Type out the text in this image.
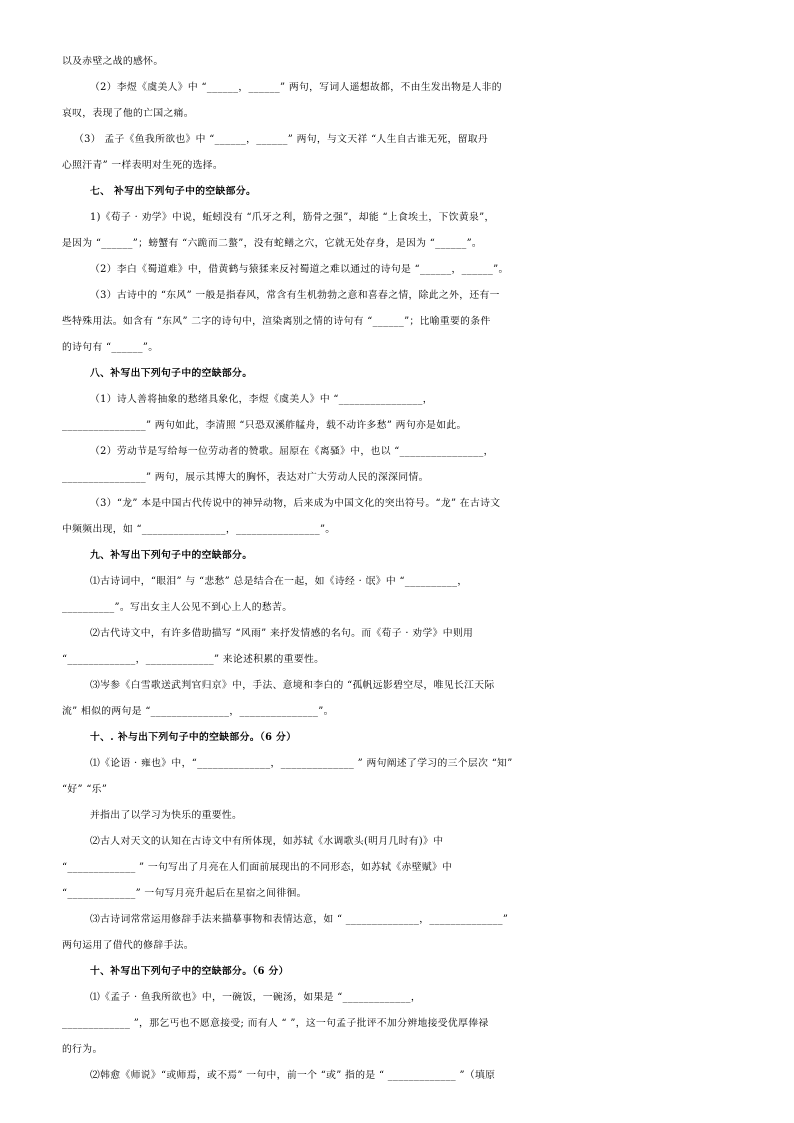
以及赤壁之战的感怀。
（2）李煜《虞美人》中 “______，______” 两句，写词人遥想故都，不由生发出物是人非的
哀叹，表现了他的亡国之痛。
（3） 孟子《鱼我所欲也》中 “______，______” 两句，与文天祥 “人生自古谁无死，留取丹
心照汗青” 一样表明对生死的选择。
七、 补写出下列句子中的空缺部分。
1)《荀子 · 劝学》中说，蚯蚓没有 “爪牙之利，筋骨之强”，却能 “上食埃土，下饮黄泉”，
是因为 “______”；螃蟹有 “六跪而二螯”，没有蛇鳝之穴，它就无处存身，是因为 “______”。
（2）李白《蜀道难》中，借黄鹤与猿猱来反衬蜀道之难以通过的诗句是 “______，______”。
（3）古诗中的 “东风” 一般是指春风，常含有生机勃勃之意和喜春之情，除此之外，还有一
些特殊用法。如含有 “东风” 二字的诗句中，渲染离别之情的诗句有 “______”；比喻重要的条件
的诗句有 “______”。
八、补写出下列句子中的空缺部分。
（1）诗人善将抽象的愁绪具象化，李煜《虞美人》中 “________________，
________________” 两句如此，李清照 “只恐双溪舴艋舟，载不动许多愁” 两句亦是如此。
（2）劳动节是写给每一位劳动者的赞歌。屈原在《离骚》中，也以 “________________，
________________” 两句，展示其博大的胸怀，表达对广大劳动人民的深深同情。
（3）“龙” 本是中国古代传说中的神异动物，后来成为中国文化的突出符号。“龙” 在古诗文
中频频出现，如 “________________，________________”。
九、补写出下列句子中的空缺部分。
⑴古诗词中，“眼泪” 与 “悲愁” 总是结合在一起，如《诗经 · 氓》中 “__________，
__________”。写出女主人公见不到心上人的愁苦。
⑵古代诗文中，有许多借助描写 “风雨” 来抒发情感的名句。而《荀子 · 劝学》中则用
“_____________，_____________” 来论述积累的重要性。
⑶岑参《白雪歌送武判官归京》中，手法、意境和李白的 “孤帆远影碧空尽，唯见长江天际
流” 相似的两句是 “_______________，_______________”。
十、. 补与出下列句子中的空缺部分。（6 分）
⑴《论语 · 雍也》中，“______________，______________ ” 两句阐述了学习的三个层次 “知”
“好” “乐”
并指出了以学习为快乐的重要性。
⑵古人对天文的认知在古诗文中有所体现，如苏轼《水调歌头(明月几时有)》中
“_____________ ” 一句写出了月亮在人们面前展现出的不同形态，如苏轼《赤壁赋》中
“_____________” 一句写月亮升起后在星宿之间徘徊。
⑶古诗词常常运用修辞手法来描摹事物和表情达意，如 “ ______________，______________”
两句运用了借代的修辞手法。
十、补写出下列句子中的空缺部分。（6 分）
⑴《孟子 · 鱼我所欲也》中，一碗饭，一碗汤，如果是 “_____________，
_____________ ”，那乞丐也不愿意接受; 而有人 “ ”，这一句孟子批评不加分辨地接受优厚俸禄
的行为。
⑵韩愈《师说》“或师焉，或不焉” 一句中，前一个 “或” 指的是 “ _____________ ”（填原
